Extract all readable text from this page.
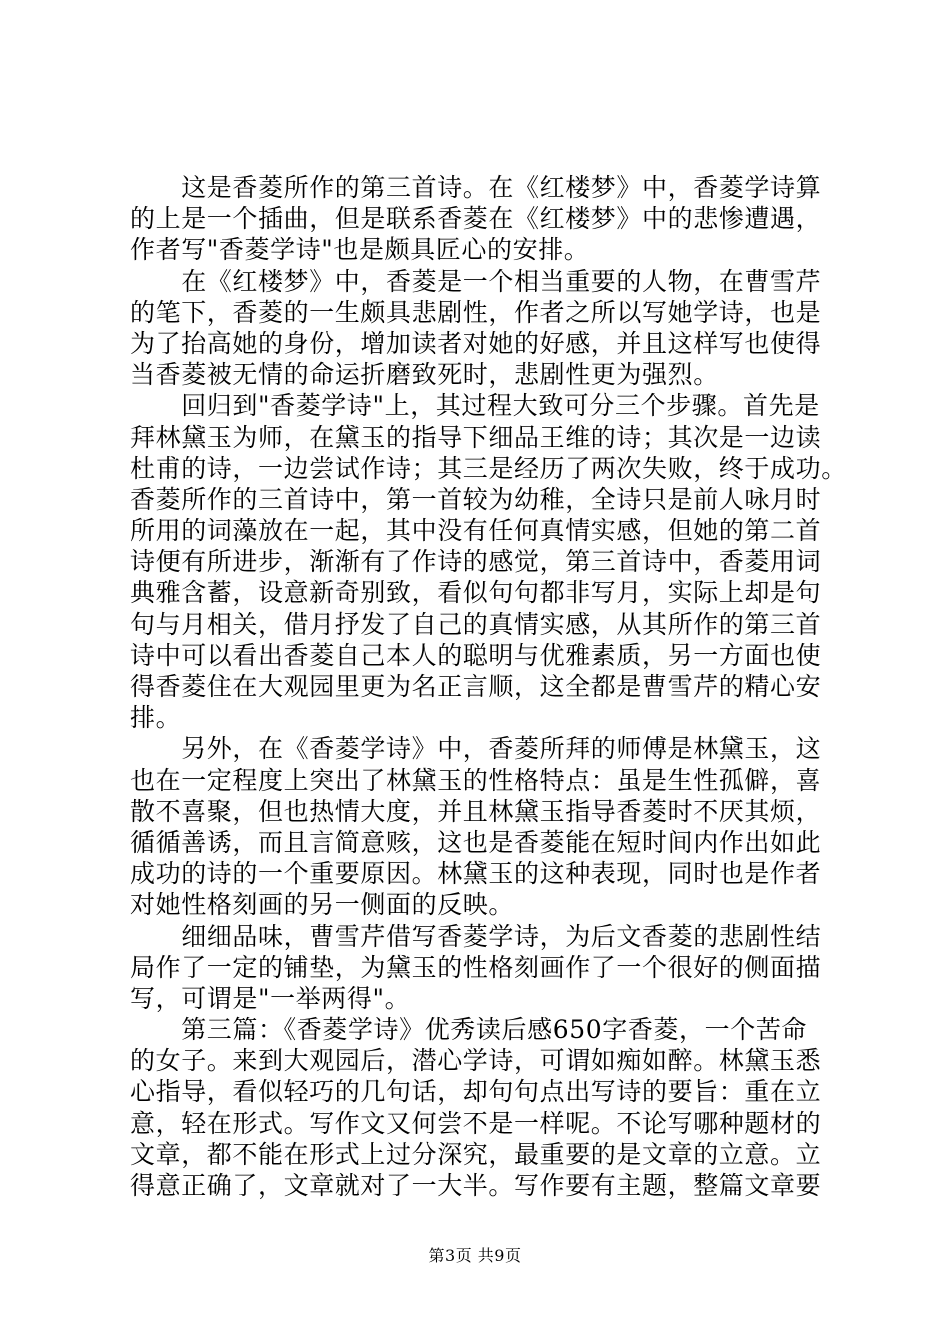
　　这是香菱所作的第三首诗。在《红楼梦》中，香菱学诗算
的上是一个插曲，但是联系香菱在《红楼梦》中的悲惨遭遇，
作者写"香菱学诗"也是颇具匠心的安排。
　　在《红楼梦》中，香菱是一个相当重要的人物，在曹雪芹
的笔下，香菱的一生颇具悲剧性，作者之所以写她学诗，也是
为了抬高她的身份，增加读者对她的好感，并且这样写也使得
当香菱被无情的命运折磨致死时，悲剧性更为强烈。
　　回归到"香菱学诗"上，其过程大致可分三个步骤。首先是
拜林黛玉为师，在黛玉的指导下细品王维的诗；其次是一边读
杜甫的诗，一边尝试作诗；其三是经历了两次失败，终于成功。
香菱所作的三首诗中，第一首较为幼稚，全诗只是前人咏月时
所用的词藻放在一起，其中没有任何真情实感，但她的第二首
诗便有所进步，渐渐有了作诗的感觉，第三首诗中，香菱用词
典雅含蓄，设意新奇别致，看似句句都非写月，实际上却是句
句与月相关，借月抒发了自己的真情实感，从其所作的第三首
诗中可以看出香菱自己本人的聪明与优雅素质，另一方面也使
得香菱住在大观园里更为名正言顺，这全都是曹雪芹的精心安
排。
　　另外，在《香菱学诗》中，香菱所拜的师傅是林黛玉，这
也在一定程度上突出了林黛玉的性格特点：虽是生性孤僻，喜
散不喜聚，但也热情大度，并且林黛玉指导香菱时不厌其烦，
循循善诱，而且言简意赅，这也是香菱能在短时间内作出如此
成功的诗的一个重要原因。林黛玉的这种表现，同时也是作者
对她性格刻画的另一侧面的反映。
　　细细品味，曹雪芹借写香菱学诗，为后文香菱的悲剧性结
局作了一定的铺垫，为黛玉的性格刻画作了一个很好的侧面描
写，可谓是"一举两得"。
　　第三篇：《香菱学诗》优秀读后感650字香菱，一个苦命
的女子。来到大观园后，潜心学诗，可谓如痴如醉。林黛玉悉
心指导，看似轻巧的几句话，却句句点出写诗的要旨：重在立
意，轻在形式。写作文又何尝不是一样呢。不论写哪种题材的
文章，都不能在形式上过分深究，最重要的是文章的立意。立
得意正确了，文章就对了一大半。写作要有主题，整篇文章要
第3页 共9页
